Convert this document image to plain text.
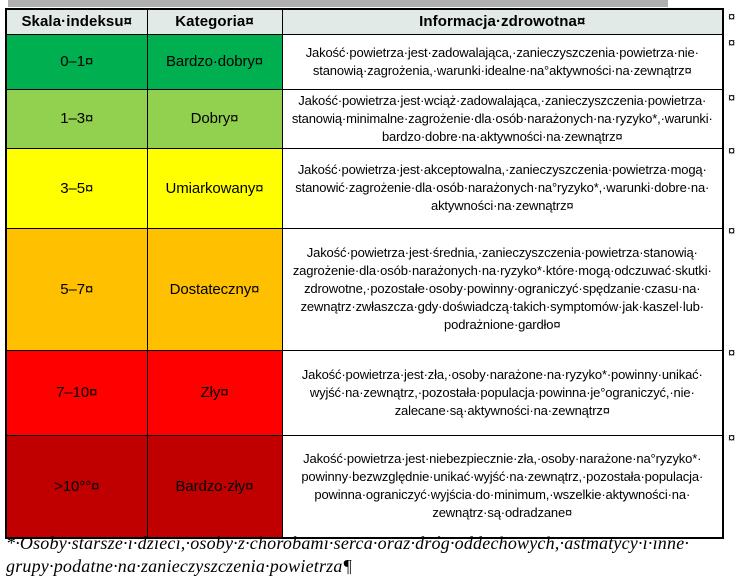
Skala·​indeksu¤	Kategoria¤	Informacja·​zdrowotna¤
0–1¤	Bardzo·​dobry¤	Jakość·​powietrza·​jest·​zadowalająca,·​zanieczyszczenia·​powietrza·​nie·​stanowią·​zagrożenia,·​warunki·​idealne·​na°aktywności·​na·​zewnątrz¤

1–3¤	Dobry¤	Jakość·​powietrza·​jest·​wciąż·​zadowalająca,·​zanieczyszczenia·​powietrza·​stanowią·​minimalne·​zagrożenie·​dla·​osób·​narażonych·​na·​ryzyko*,·​warunki·​bardzo·​dobre·​na·​aktywności·​na·​zewnątrz¤

3–5¤	Umiarkowany¤	Jakość·​powietrza·​jest·​akceptowalna,·​zanieczyszczenia·​powietrza·​mogą·​stanowić·​zagrożenie·​dla·​osób·​narażonych·​na°ryzyko*,·​warunki·​dobre·​na·​aktywności·​na·​zewnątrz¤

5–7¤	Dostateczny¤	Jakość·​powietrza·​jest·​średnia,·​zanieczyszczenia·​powietrza·​stanowią·​zagrożenie·​dla·​osób·​narażonych·​na·​ryzyko*·​które·​mogą·​odczuwać·​skutki·​zdrowotne,·​pozostałe·​osoby·​powinny·​ograniczyć·​spędzanie·​czasu·​na·​zewnątrz·​zwłaszcza·​gdy·​doświadczą·​takich·​symptomów·​jak·​kaszel·​lub·​podrażnione·​gardło¤

7–10¤	Zły¤	Jakość·​powietrza·​jest·​zła,·​osoby·​narażone·​na·​ryzyko*·​powinny·​unikać·​wyjść·​na·​zewnątrz,·​pozostała·​populacja·​powinna·​je°ograniczyć,·​nie·​zalecane·​są·​aktywności·​na·​zewnątrz¤

>10°°¤	Bardzo·​zły¤	Jakość·​powietrza·​jest·​niebezpiecznie·​zła,·​osoby·​narażone·​na°ryzyko*·​powinny·​bezwzględnie·​unikać·​wyjść·​na·​zewnątrz,·​pozostała·​populacja·​powinna·​ograniczyć·​wyjścia·​do·​minimum,·​wszelkie·​aktywności·​na·​zewnątrz·​są·​odradzane¤
*·​Osoby·​starsze·​i·​dzieci,·​osoby·​z·​chorobami·​serca·​oraz·​dróg·​oddechowych,·​astmatycy·​i·​inne·​grupy·​podatne·​na·​zanieczyszczenia·​powietrza¶
¤
¤
¤
¤
¤
¤
¤
